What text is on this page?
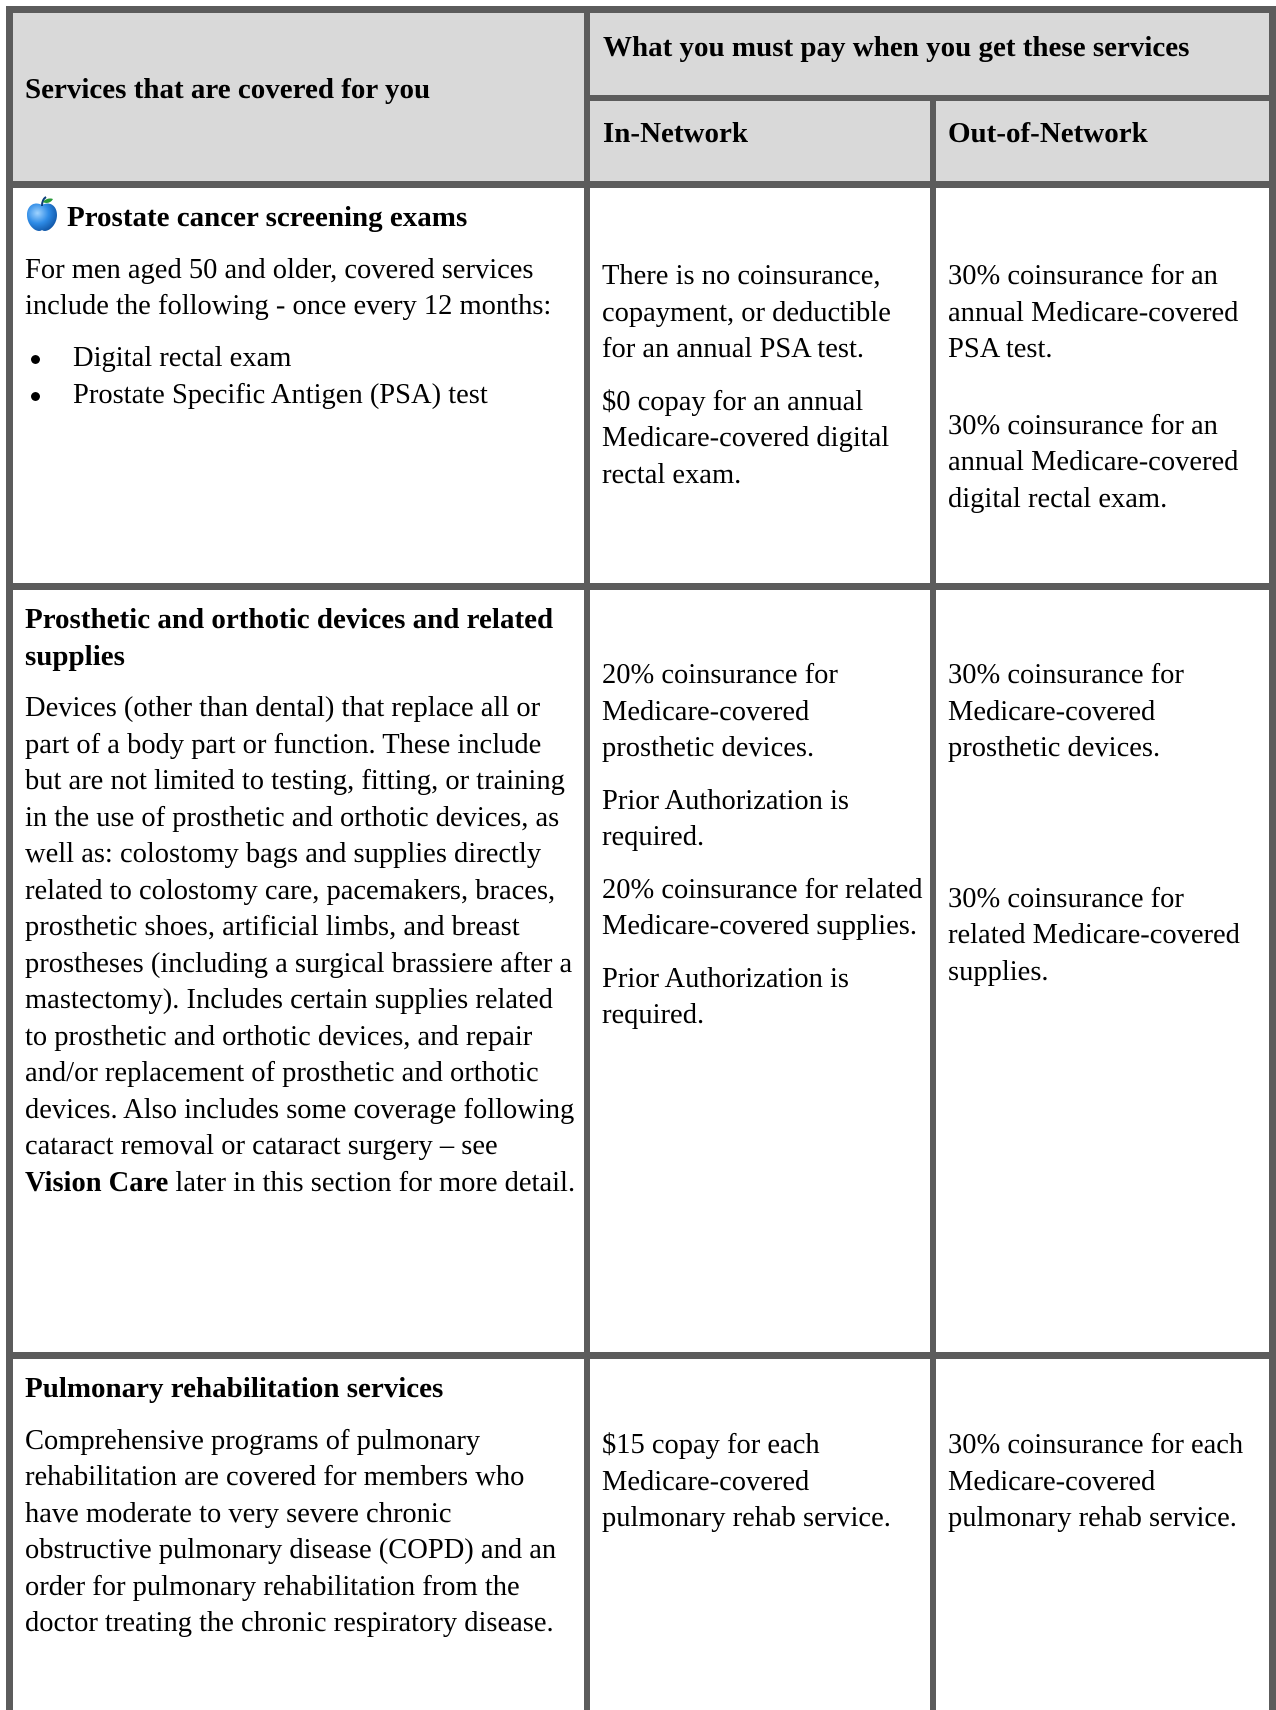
Services that are covered for you
What you must pay when you get these services
In-Network	Out-of-Network

Prostate cancer screening exams

For men aged 50 and older, covered services include the following - once every 12 months:

Digital rectal exam
Prostate Specific Antigen (PSA) test

There is no coinsurance, copayment, or deductible for an annual PSA test.

$0 copay for an annual Medicare-covered digital rectal exam.

30% coinsurance for an annual Medicare-covered PSA test.

30% coinsurance for an annual Medicare-covered digital rectal exam.

Prosthetic and orthotic devices and related supplies

Devices (other than dental) that replace all or part of a body part or function. These include but are not limited to testing, fitting, or training in the use of prosthetic and orthotic devices, as well as: colostomy bags and supplies directly related to colostomy care, pacemakers, braces, prosthetic shoes, artificial limbs, and breast prostheses (including a surgical brassiere after a mastectomy). Includes certain supplies related to prosthetic and orthotic devices, and repair and/or replacement of prosthetic and orthotic devices. Also includes some coverage following cataract removal or cataract surgery – see Vision Care later in this section for more detail.

20% coinsurance for Medicare-covered prosthetic devices.

Prior Authorization is required.

20% coinsurance for related Medicare-covered supplies.

Prior Authorization is required.

30% coinsurance for Medicare-covered prosthetic devices.

30% coinsurance for related Medicare-covered supplies.

Pulmonary rehabilitation services

Comprehensive programs of pulmonary rehabilitation are covered for members who have moderate to very severe chronic obstructive pulmonary disease (COPD) and an order for pulmonary rehabilitation from the doctor treating the chronic respiratory disease.

$15 copay for each Medicare-covered pulmonary rehab service.

30% coinsurance for each Medicare-covered pulmonary rehab service.
